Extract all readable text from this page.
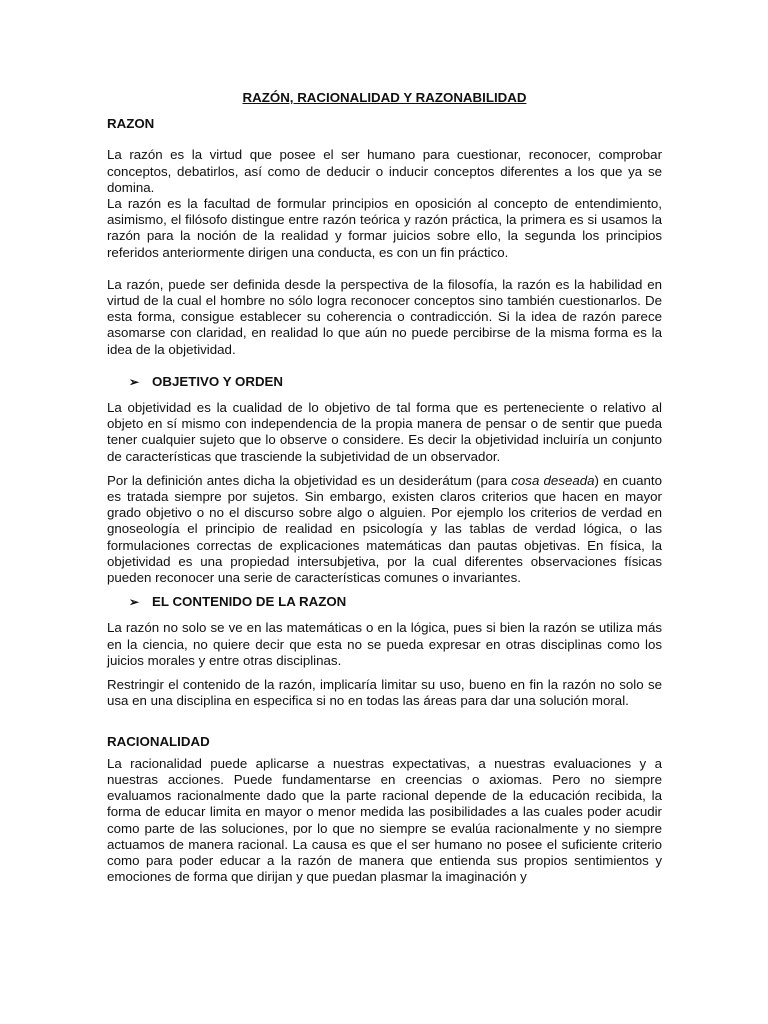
RAZÓN, RACIONALIDAD Y RAZONABILIDAD
RAZON

La razón es la virtud que posee el ser humano para cuestionar, reconocer, comprobar conceptos, debatirlos, así como de deducir o inducir conceptos diferentes a los que ya se domina.

La razón es la facultad de formular principios en oposición al concepto de entendimiento, asimismo, el filósofo distingue entre razón teórica y razón práctica, la primera es si usamos la razón para la noción de la realidad y formar juicios sobre ello, la segunda los principios referidos anteriormente dirigen una conducta, es con un fin práctico.

La razón, puede ser definida desde la perspectiva de la filosofía, la razón es la habilidad en virtud de la cual el hombre no sólo logra reconocer conceptos sino también cuestionarlos. De esta forma, consigue establecer su coherencia o contradicción. Si la idea de razón parece asomarse con claridad, en realidad lo que aún no puede percibirse de la misma forma es la idea de la objetividad.

➢ OBJETIVO Y ORDEN

La objetividad es la cualidad de lo objetivo de tal forma que es perteneciente o relativo al objeto en sí mismo con independencia de la propia manera de pensar o de sentir que pueda tener cualquier sujeto que lo observe o considere. Es decir la objetividad incluiría un conjunto de características que trasciende la subjetividad de un observador.

Por la definición antes dicha la objetividad es un desiderátum (para cosa deseada) en cuanto es tratada siempre por sujetos. Sin embargo, existen claros criterios que hacen en mayor grado objetivo o no el discurso sobre algo o alguien. Por ejemplo los criterios de verdad en gnoseología el principio de realidad en psicología y las tablas de verdad lógica, o las formulaciones correctas de explicaciones matemáticas dan pautas objetivas. En física, la objetividad es una propiedad intersubjetiva, por la cual diferentes observaciones físicas pueden reconocer una serie de características comunes o invariantes.

➢ EL CONTENIDO DE LA RAZON

La razón no solo se ve en las matemáticas o en la lógica, pues si bien la razón se utiliza más en la ciencia, no quiere decir que esta no se pueda expresar en otras disciplinas como los juicios morales y entre otras disciplinas.

Restringir el contenido de la razón, implicaría limitar su uso, bueno en fin la razón no solo se usa en una disciplina en especifica si no en todas las áreas para dar una solución moral.

RACIONALIDAD

La racionalidad puede aplicarse a nuestras expectativas, a nuestras evaluaciones y a nuestras acciones. Puede fundamentarse en creencias o axiomas. Pero no siempre evaluamos racionalmente dado que la parte racional depende de la educación recibida, la forma de educar limita en mayor o menor medida las posibilidades a las cuales poder acudir como parte de las soluciones, por lo que no siempre se evalúa racionalmente y no siempre actuamos de manera racional. La causa es que el ser humano no posee el suficiente criterio como para poder educar a la razón de manera que entienda sus propios sentimientos y emociones de forma que dirijan y que puedan plasmar la imaginación y
